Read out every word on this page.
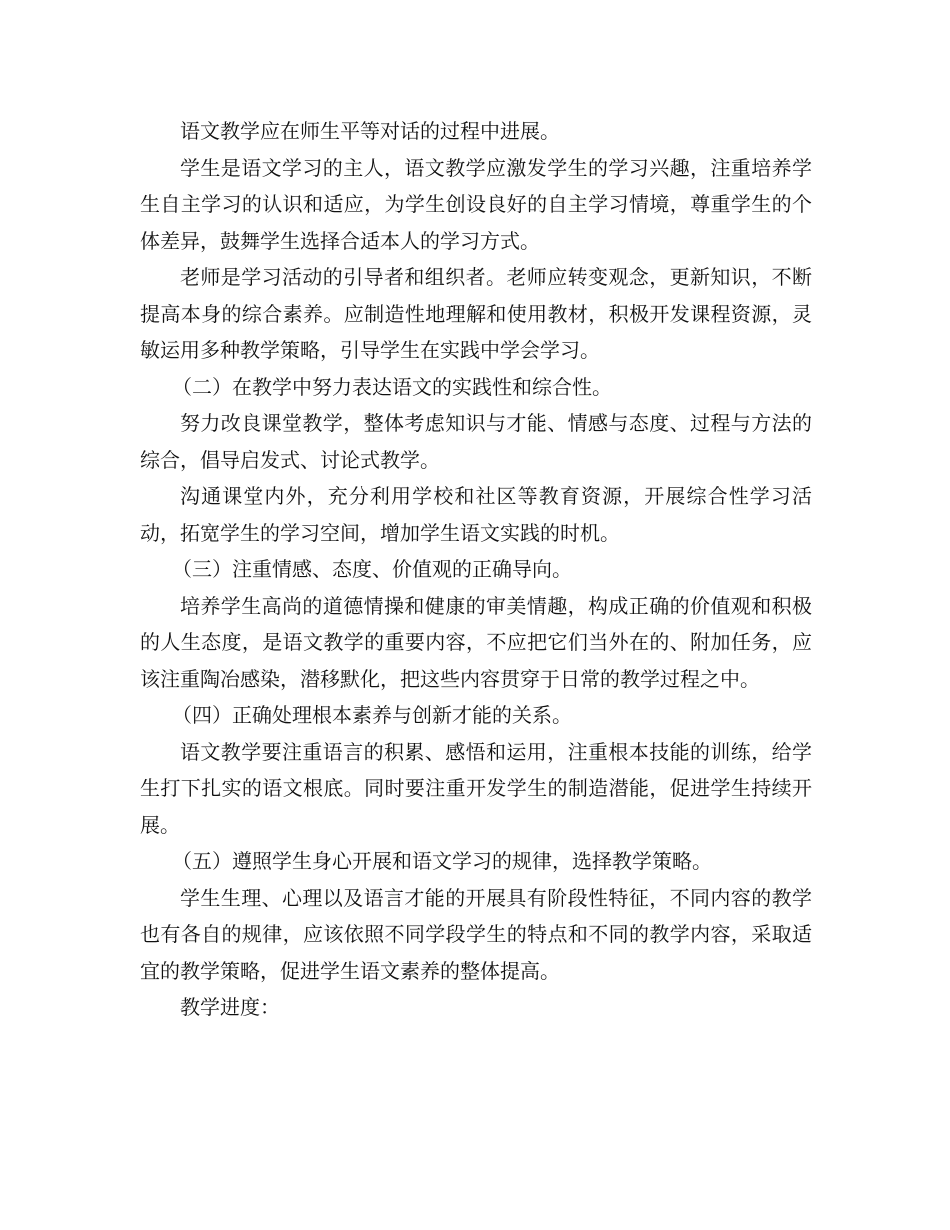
语文教学应在师生平等对话的过程中进展。

学生是语文学习的主人，语文教学应激发学生的学习兴趣，注重培养学生自主学习的认识和适应，为学生创设良好的自主学习情境，尊重学生的个体差异，鼓舞学生选择合适本人的学习方式。

老师是学习活动的引导者和组织者。老师应转变观念，更新知识，不断提高本身的综合素养。应制造性地理解和使用教材，积极开发课程资源，灵敏运用多种教学策略，引导学生在实践中学会学习。

（二）在教学中努力表达语文的实践性和综合性。

努力改良课堂教学，整体考虑知识与才能、情感与态度、过程与方法的综合，倡导启发式、讨论式教学。

沟通课堂内外，充分利用学校和社区等教育资源，开展综合性学习活动，拓宽学生的学习空间，增加学生语文实践的时机。

（三）注重情感、态度、价值观的正确导向。

培养学生高尚的道德情操和健康的审美情趣，构成正确的价值观和积极的人生态度，是语文教学的重要内容，不应把它们当外在的、附加任务，应该注重陶冶感染，潜移默化，把这些内容贯穿于日常的教学过程之中。

（四）正确处理根本素养与创新才能的关系。

语文教学要注重语言的积累、感悟和运用，注重根本技能的训练，给学生打下扎实的语文根底。同时要注重开发学生的制造潜能，促进学生持续开展。

（五）遵照学生身心开展和语文学习的规律，选择教学策略。

学生生理、心理以及语言才能的开展具有阶段性特征，不同内容的教学也有各自的规律，应该依照不同学段学生的特点和不同的教学内容，采取适宜的教学策略，促进学生语文素养的整体提高。

教学进度：
